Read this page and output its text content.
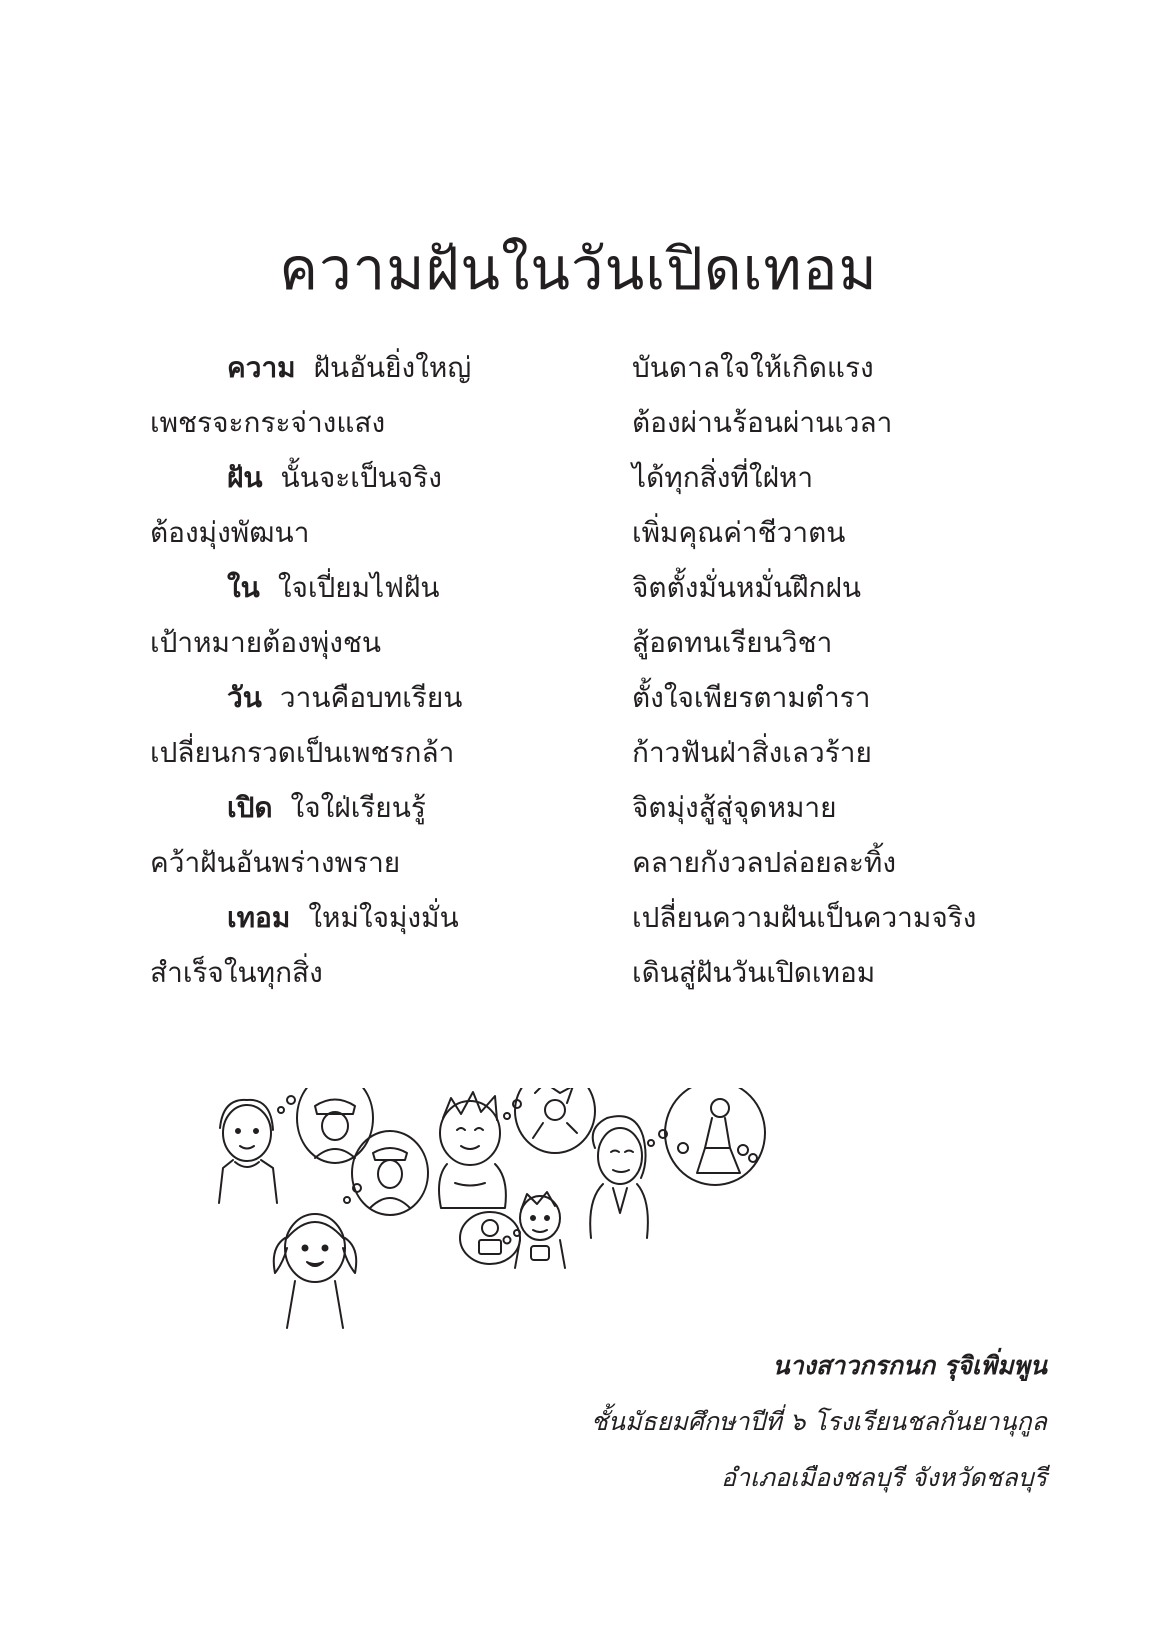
ความฝันในวันเปิดเทอม
ความ ฝันอันยิ่งใหญ่
เพชรจะกระจ่างแสง
ฝัน นั้นจะเป็นจริง
ต้องมุ่งพัฒนา
ใน ใจเปี่ยมไฟฝัน
เป้าหมายต้องพุ่งชน
วัน วานคือบทเรียน
เปลี่ยนกรวดเป็นเพชรกล้า
เปิด ใจใฝ่เรียนรู้
คว้าฝันอันพร่างพราย
เทอม ใหม่ใจมุ่งมั่น
สำเร็จในทุกสิ่ง
บันดาลใจให้เกิดแรง
ต้องผ่านร้อนผ่านเวลา
ได้ทุกสิ่งที่ใฝ่หา
เพิ่มคุณค่าชีวาตน
จิตตั้งมั่นหมั่นฝึกฝน
สู้อดทนเรียนวิชา
ตั้งใจเพียรตามตำรา
ก้าวฟันฝ่าสิ่งเลวร้าย
จิตมุ่งสู้สู่จุดหมาย
คลายกังวลปล่อยละทิ้ง
เปลี่ยนความฝันเป็นความจริง
เดินสู่ฝันวันเปิดเทอม
นางสาวกรกนก รุจิเพิ่มพูน
ชั้นมัธยมศึกษาปีที่ ๖ โรงเรียนชลกันยานุกูล
อำเภอเมืองชลบุรี จังหวัดชลบุรี
